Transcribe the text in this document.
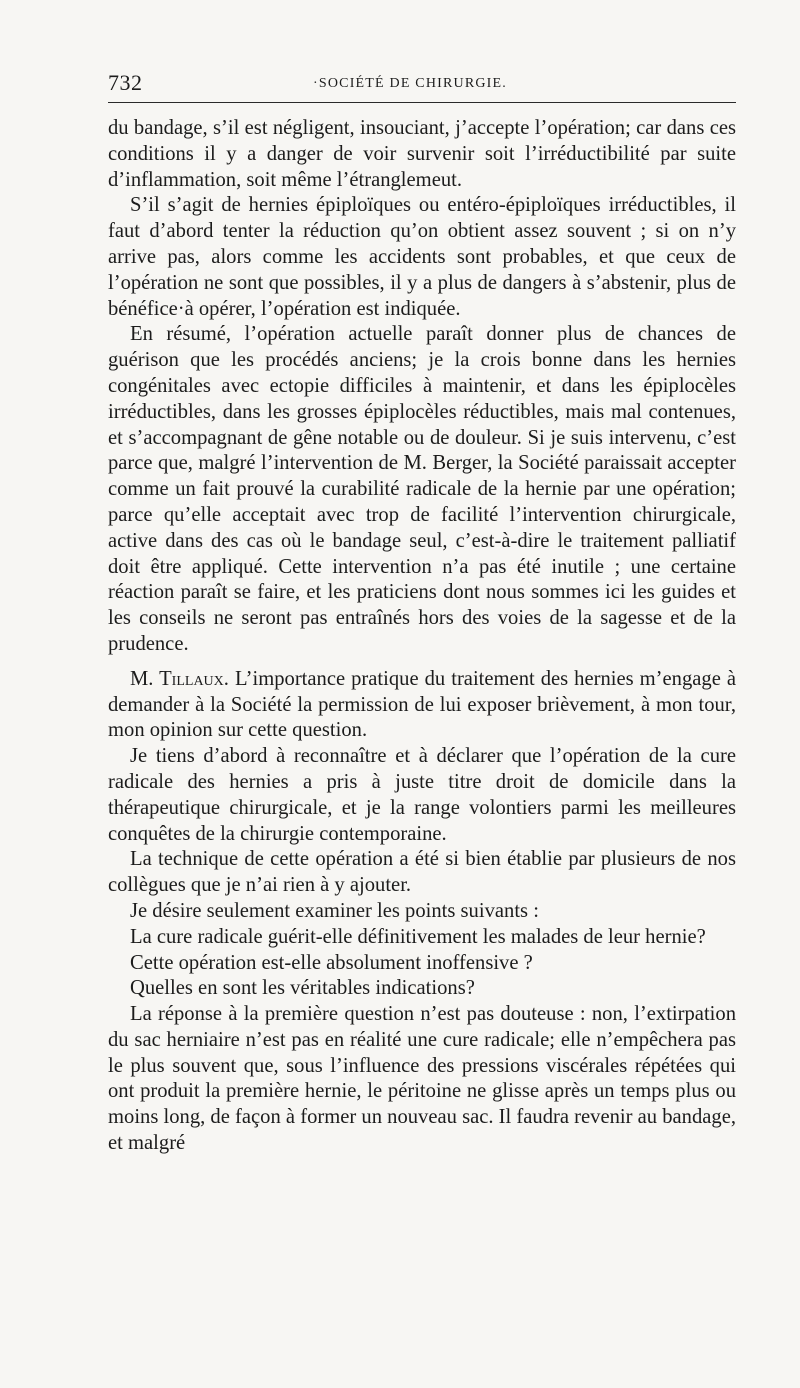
732	·SOCIÉTÉ DE CHIRURGIE.

du bandage, s’il est négligent, insouciant, j’accepte l’opération; car dans ces conditions il y a danger de voir survenir soit l’irréductibilité par suite d’inflammation, soit même l’étranglemeut.

S’il s’agit de hernies épiploïques ou entéro-épiploïques irréductibles, il faut d’abord tenter la réduction qu’on obtient assez souvent ; si on n’y arrive pas, alors comme les accidents sont probables, et que ceux de l’opération ne sont que possibles, il y a plus de dangers à s’abstenir, plus de bénéfice·à opérer, l’opération est indiquée.

En résumé, l’opération actuelle paraît donner plus de chances de guérison que les procédés anciens; je la crois bonne dans les hernies congénitales avec ectopie difficiles à maintenir, et dans les épiplocèles irréductibles, dans les grosses épiplocèles réductibles, mais mal contenues, et s’accompagnant de gêne notable ou de douleur. Si je suis intervenu, c’est parce que, malgré l’intervention de M. Berger, la Société paraissait accepter comme un fait prouvé la curabilité radicale de la hernie par une opération; parce qu’elle acceptait avec trop de facilité l’intervention chirurgicale, active dans des cas où le bandage seul, c’est-à-dire le traitement palliatif doit être appliqué. Cette intervention n’a pas été inutile ; une certaine réaction paraît se faire, et les praticiens dont nous sommes ici les guides et les conseils ne seront pas entraînés hors des voies de la sagesse et de la prudence.

M. Tillaux. L’importance pratique du traitement des hernies m’engage à demander à la Société la permission de lui exposer brièvement, à mon tour, mon opinion sur cette question.

Je tiens d’abord à reconnaître et à déclarer que l’opération de la cure radicale des hernies a pris à juste titre droit de domicile dans la thérapeutique chirurgicale, et je la range volontiers parmi les meilleures conquêtes de la chirurgie contemporaine.

La technique de cette opération a été si bien établie par plusieurs de nos collègues que je n’ai rien à y ajouter.

Je désire seulement examiner les points suivants :

La cure radicale guérit-elle définitivement les malades de leur hernie?

Cette opération est-elle absolument inoffensive ?

Quelles en sont les véritables indications?

La réponse à la première question n’est pas douteuse : non, l’extirpation du sac herniaire n’est pas en réalité une cure radicale; elle n’empêchera pas le plus souvent que, sous l’influence des pressions viscérales répétées qui ont produit la première hernie, le péritoine ne glisse après un temps plus ou moins long, de façon à former un nouveau sac. Il faudra revenir au bandage, et malgré
